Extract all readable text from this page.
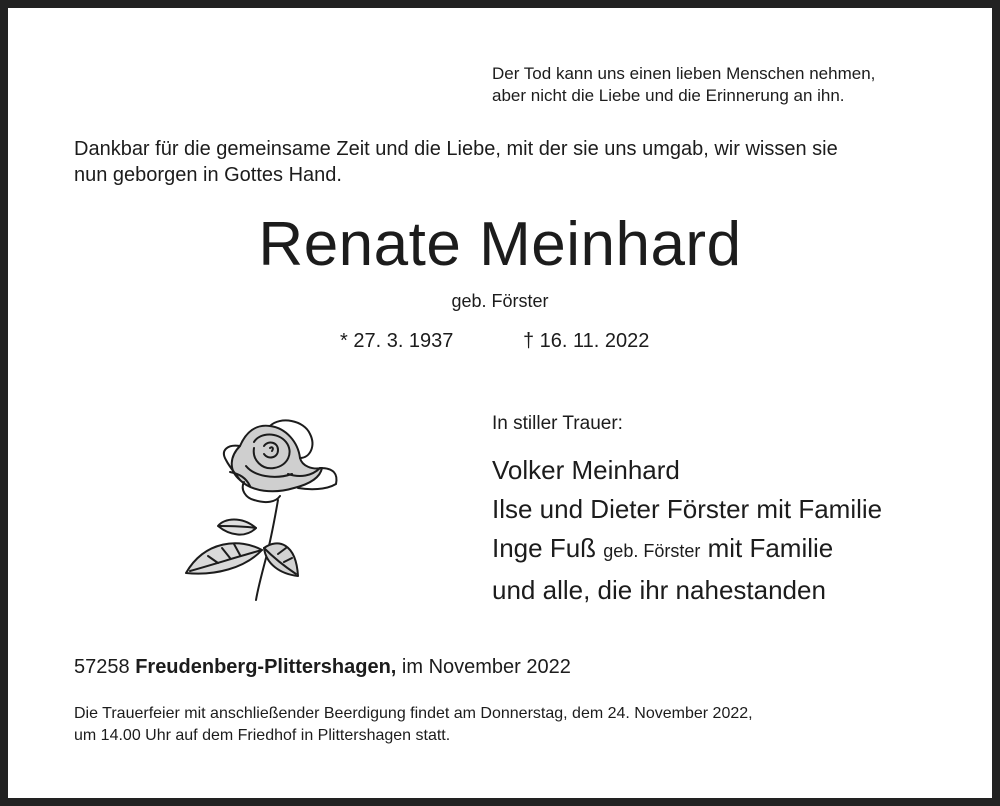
Der Tod kann uns einen lieben Menschen nehmen,
aber nicht die Liebe und die Erinnerung an ihn.
Dankbar für die gemeinsame Zeit und die Liebe, mit der sie uns umgab, wir wissen sie
nun geborgen in Gottes Hand.
Renate Meinhard
geb. Förster
* 27. 3. 1937	† 16. 11. 2022
In stiller Trauer:
Volker Meinhard
Ilse und Dieter Förster mit Familie
Inge Fuß geb. Förster mit Familie
und alle, die ihr nahestanden
57258 Freudenberg-Plittershagen, im November 2022
Die Trauerfeier mit anschließender Beerdigung findet am Donnerstag, dem 24. November 2022,
um 14.00 Uhr auf dem Friedhof in Plittershagen statt.
